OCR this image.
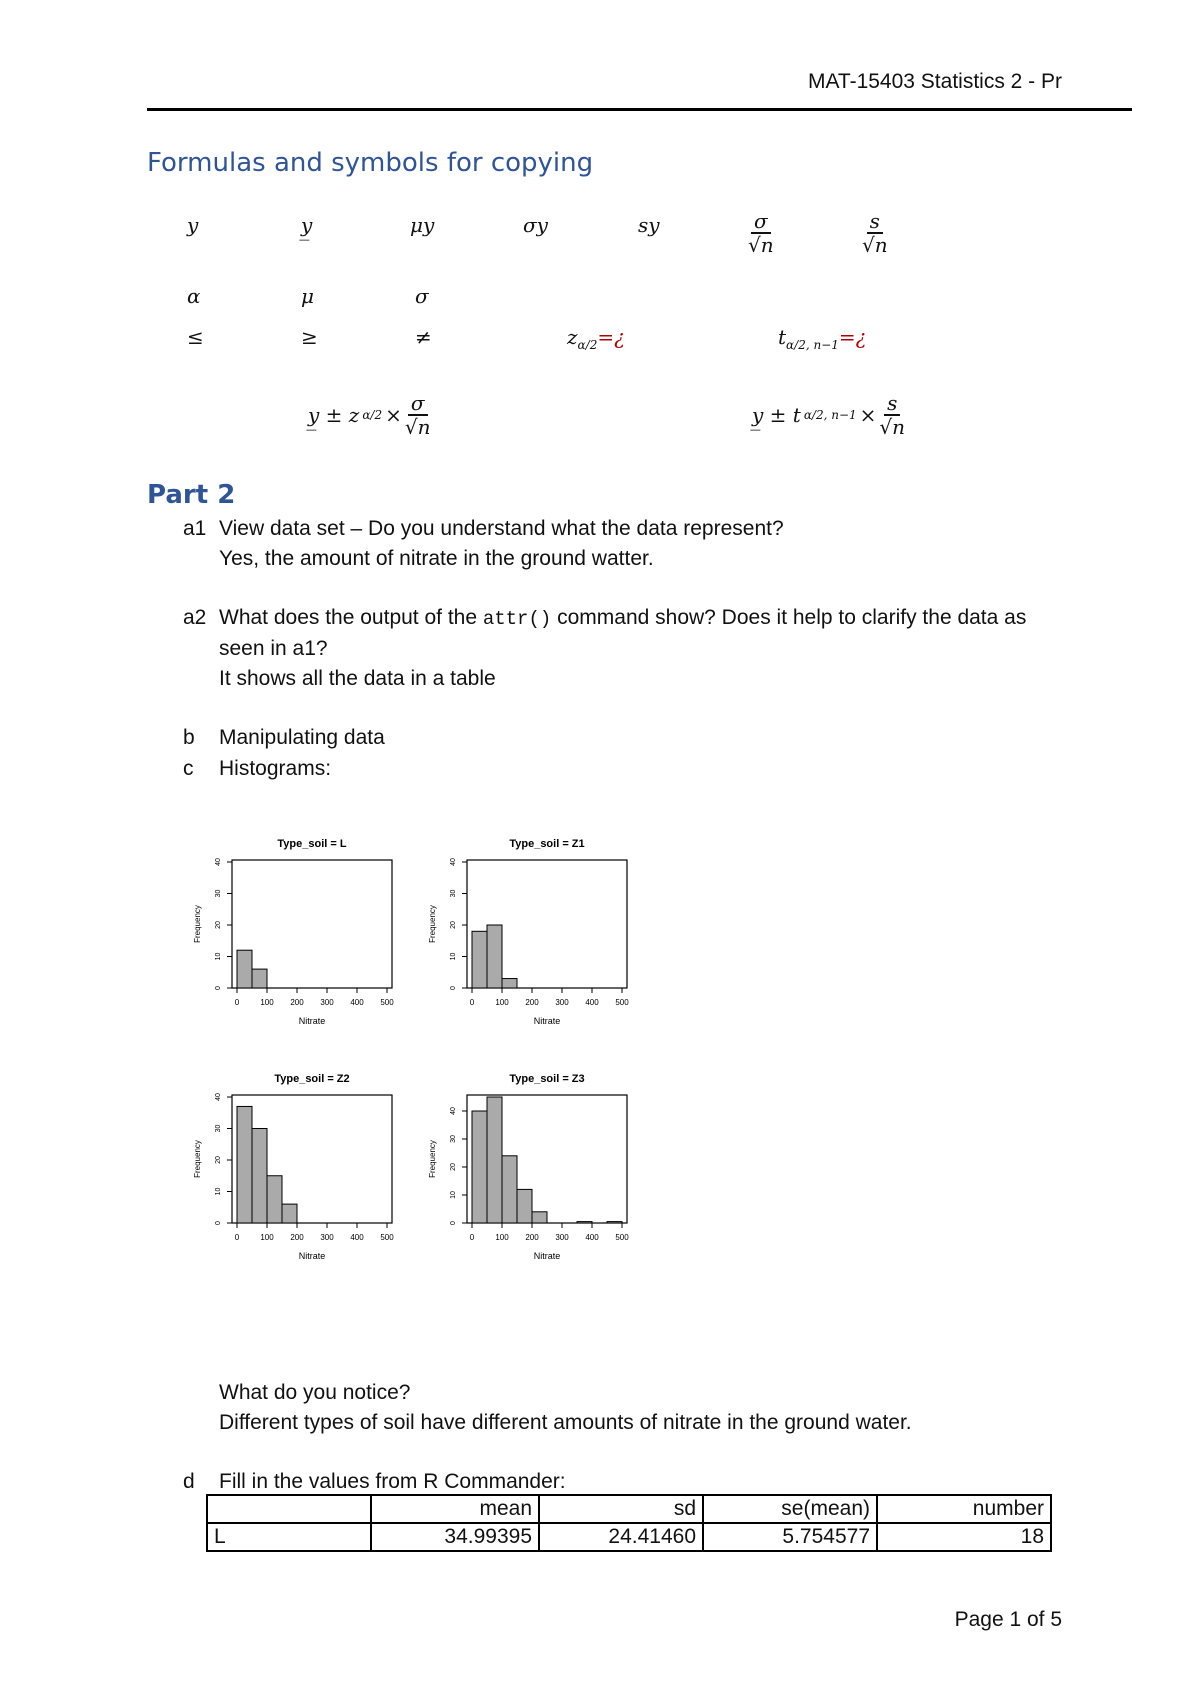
MAT-15403 Statistics 2 - Pr
Formulas and symbols for copying
y	y̲	μy	σy	sy	$\frac{\sigma}{√n}$	$\frac{s}{√n}$
α	μ	σ
≤	≥	≠	$z_{\alpha/2}=¿$	$t_{\alpha/2, n-1}=¿$
y̲ ± z $\alpha/2 \times \frac{\sigma}{√n}$	y̲ ± t α/2, $n-1 \times \frac{s}{√n}$
Part 2
a1 View data set – Do you understand what the data represent?
Yes, the amount of nitrate in the ground watter.
a2 What does the output of the attr() command show? Does it help to clarify the data as seen in a1?
It shows all the data in a table
b Manipulating data
c Histograms:
Type_soil = L
0	100 200 300 400 500
0
10
20
30
40
Nitrate
Frequency
Type_soil = Z1
0	100 200 300 400 500
0
10
20
30
40
Nitrate
Frequency
Type_soil = Z2
0	100 200 300 400 500
0
10
20
30
40
Nitrate
Frequency
Type_soil = Z3
0	100 200 300 400 500
0
10
20
30
40
Nitrate
Frequency
What do you notice?
Different types of soil have different amounts of nitrate in the ground water.
d Fill in the values from R Commander:
	mean	sd	se(mean)	number
L	34.99395	24.41460	5.754577	18
Page 1 of 5
